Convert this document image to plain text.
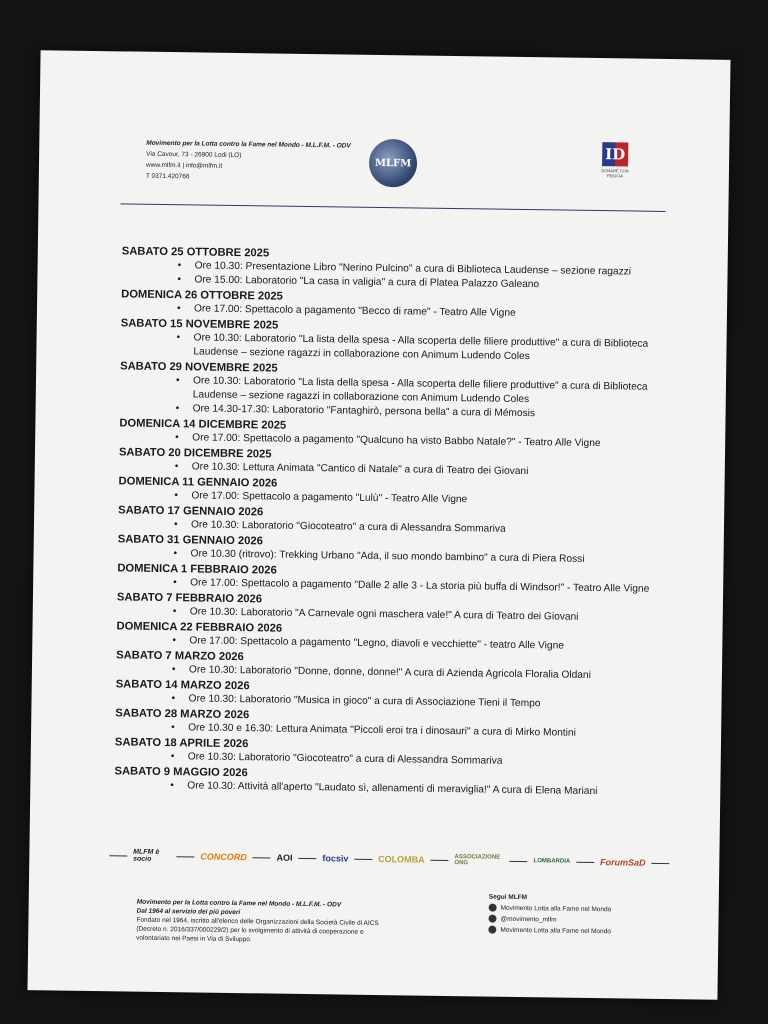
Movimento per la Lotta contro la Fame nel Mondo - M.L.F.M. - ODV
Via Cavour, 73 - 26900 Lodi (LO)
www.mlfm.it | info@mlfm.it
T 0371.420766
MLFM	ID
DONARE CON FIDUCIA
SABATO 25 OTTOBRE 2025
• Ore 10.30: Presentazione Libro "Nerino Pulcino" a cura di Biblioteca Laudense – sezione ragazzi
• Ore 15.00: Laboratorio "La casa in valigia" a cura di Platea Palazzo Galeano
DOMENICA 26 OTTOBRE 2025
• Ore 17.00: Spettacolo a pagamento "Becco di rame" - Teatro Alle Vigne
SABATO 15 NOVEMBRE 2025
• Ore 10.30: Laboratorio "La lista della spesa - Alla scoperta delle filiere produttive" a cura di Biblioteca Laudense – sezione ragazzi in collaborazione con Animum Ludendo Coles
SABATO 29 NOVEMBRE 2025
• Ore 10.30: Laboratorio "La lista della spesa - Alla scoperta delle filiere produttive" a cura di Biblioteca Laudense – sezione ragazzi in collaborazione con Animum Ludendo Coles
• Ore 14.30-17.30: Laboratorio "Fantaghirò, persona bella" a cura di Mémosis
DOMENICA 14 DICEMBRE 2025
• Ore 17.00: Spettacolo a pagamento "Qualcuno ha visto Babbo Natale?" - Teatro Alle Vigne
SABATO 20 DICEMBRE 2025
• Ore 10.30: Lettura Animata "Cantico di Natale" a cura di Teatro dei Giovani
DOMENICA 11 GENNAIO 2026
• Ore 17.00: Spettacolo a pagamento "Lulù" - Teatro Alle Vigne
SABATO 17 GENNAIO 2026
• Ore 10.30: Laboratorio "Giocoteatro" a cura di Alessandra Sommariva
SABATO 31 GENNAIO 2026
• Ore 10.30 (ritrovo): Trekking Urbano "Ada, il suo mondo bambino" a cura di Piera Rossi
DOMENICA 1 FEBBRAIO 2026
• Ore 17.00: Spettacolo a pagamento "Dalle 2 alle 3 - La storia più buffa di Windsor!" - Teatro Alle Vigne
SABATO 7 FEBBRAIO 2026
• Ore 10.30: Laboratorio "A Carnevale ogni maschera vale!" A cura di Teatro dei Giovani
DOMENICA 22 FEBBRAIO 2026
• Ore 17.00: Spettacolo a pagamento "Legno, diavoli e vecchiette" - teatro Alle Vigne
SABATO 7 MARZO 2026
• Ore 10.30: Laboratorio "Donne, donne, donne!" A cura di Azienda Agricola Floralia Oldani
SABATO 14 MARZO 2026
• Ore 10.30: Laboratorio "Musica in gioco" a cura di Associazione Tieni il Tempo
SABATO 28 MARZO 2026
• Ore 10.30 e 16.30: Lettura Animata "Piccoli eroi tra i dinosauri" a cura di Mirko Montini
SABATO 18 APRILE 2026
• Ore 10.30: Laboratorio "Giocoteatro" a cura di Alessandra Sommariva
SABATO 9 MAGGIO 2026
• Ore 10.30: Attività all'aperto "Laudato sì, allenamenti di meraviglia!" A cura di Elena Mariani
MLFM è socio	CONCORD	AOI	focsiv	COLOMBA	ASSOCIAZIONE ONG	LOMBARDIA	ForumSaD
Movimento per la Lotta contro la Fame nel Mondo - M.L.F.M. - ODV
Dal 1964 al servizio dei più poveri
Fondato nel 1964, iscritto all'elenco delle Organizzazioni della Società Civile di AICS
(Decreto n. 2016/337/000229/2) per lo svolgimento di attività di cooperazione e
volontariato nei Paesi in Via di Sviluppo.
Segui MLFM
Movimento Lotta alla Fame nel Mondo
@movimento_mlfm
Movimento Lotta alla Fame nel Mondo
